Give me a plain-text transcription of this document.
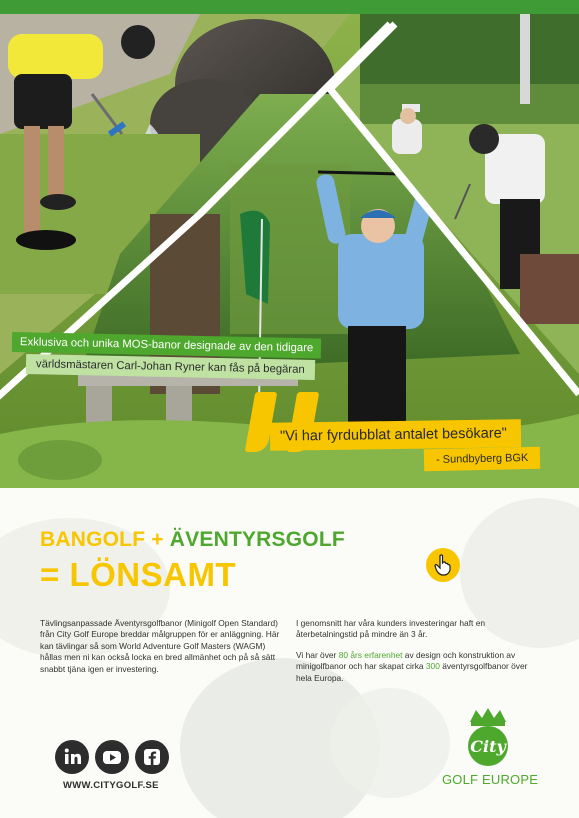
Exklusiva och unika MOS-banor designade av den tidigare
världsmästaren Carl-Johan Ryner kan fås på begäran
"Vi har fyrdubblat antalet besökare"
- Sundbyberg BGK
BANGOLF + ÄVENTYRSGOLF
= LÖNSAMT

Tävlingsanpassade Äventyrsgolfbanor (Minigolf Open Standard) från City Golf Europe breddar målgruppen för er anläggning. Här kan tävlingar så som World Adventure Golf Masters (WAGM) hållas men ni kan också locka en bred allmänhet och på så sätt snabbt tjäna igen er investering.

I genomsnitt har våra kunders investeringar haft en återbetalningstid på mindre än 3 år.

Vi har över 80 års erfarenhet av design och konstruktion av minigolfbanor och har skapat cirka 300 äventyrsgolfbanor över hela Europa.

WWW.CITYGOLF.SE
City
GOLF EUROPE
